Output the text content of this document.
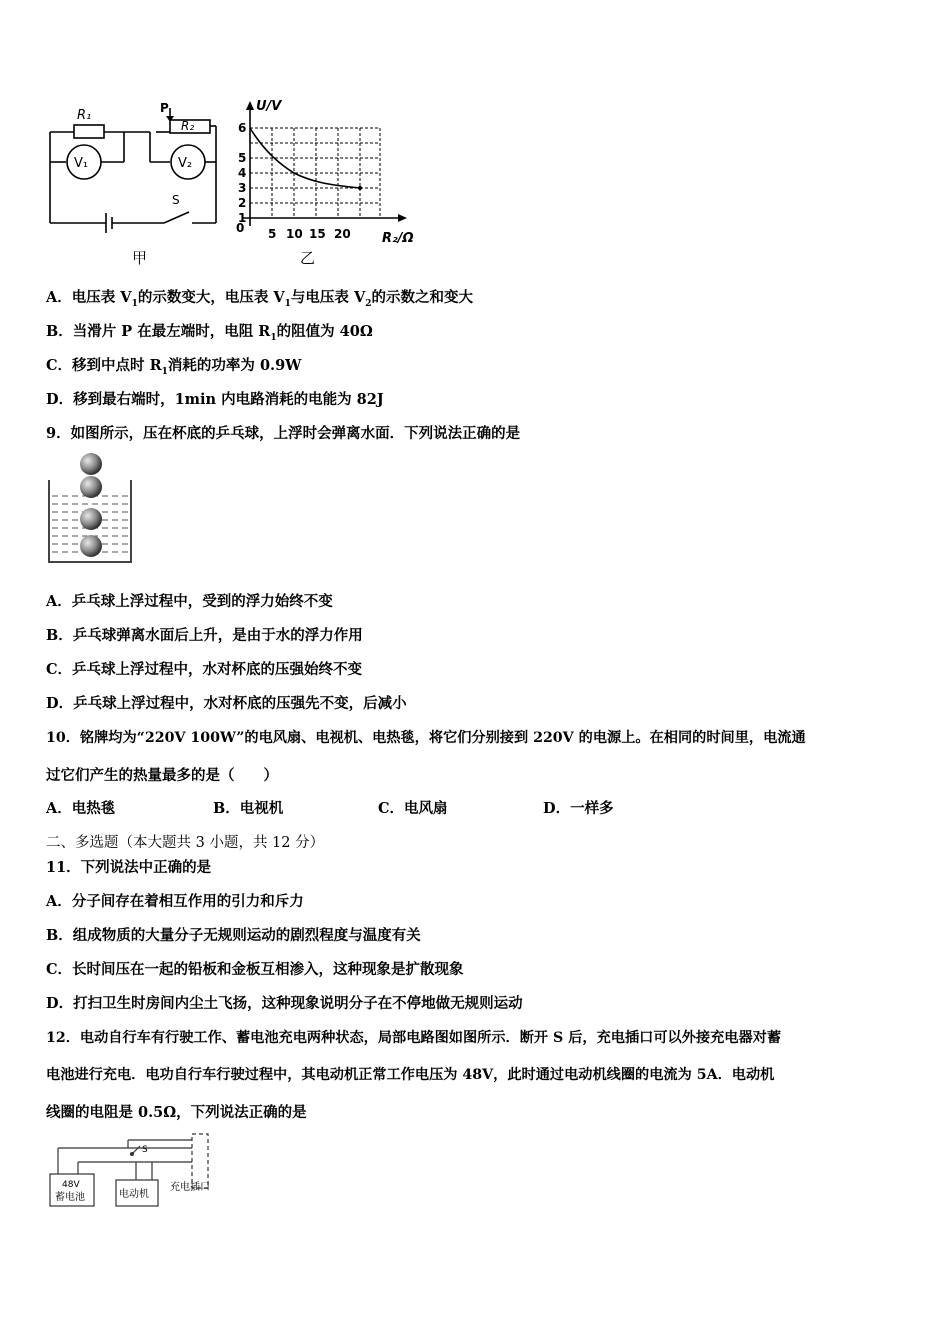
R₁
R₂
P
V₁	V₂
S
甲
U/V
R₂/Ω
0
1
2
3
4
5
6
5 10 15 20
乙
A．电压表 $V_1$的示数变大，电压表 $V_1$与电压表 $V_2$的示数之和变大
B．当滑片 P 在最左端时，电阻 $R_1$的阻值为 40Ω
C．移到中点时 $R_1$消耗的功率为 0.9W
D．移到最右端时，1min 内电路消耗的电能为 82J
9．如图所示，压在杯底的乒乓球，上浮时会弹离水面．下列说法正确的是
A．乒乓球上浮过程中，受到的浮力始终不变
B．乒乓球弹离水面后上升，是由于水的浮力作用
C．乒乓球上浮过程中，水对杯底的压强始终不变
D．乒乓球上浮过程中，水对杯底的压强先不变，后减小
10．铭牌均为“220V 100W”的电风扇、电视机、电热毯，将它们分别接到 220V 的电源上。在相同的时间里，电流通
过它们产生的热量最多的是（　　）
A．电热毯	B．电视机	C．电风扇	D．一样多
二、多选题（本大题共 3 小题，共 12 分）
11．下列说法中正确的是
A．分子间存在着相互作用的引力和斥力
B．组成物质的大量分子无规则运动的剧烈程度与温度有关
C．长时间压在一起的铅板和金板互相渗入，这种现象是扩散现象
D．打扫卫生时房间内尘土飞扬，这种现象说明分子在不停地做无规则运动
12．电动自行车有行驶工作、蓄电池充电两种状态，局部电路图如图所示．断开 S 后，充电插口可以外接充电器对蓄
电池进行充电．电功自行车行驶过程中，其电动机正常工作电压为 48V，此时通过电动机线圈的电流为 5A．电动机
线圈的电阻是 0.5Ω，下列说法正确的是
48V
蓄电池	电动机
充电插口
S
